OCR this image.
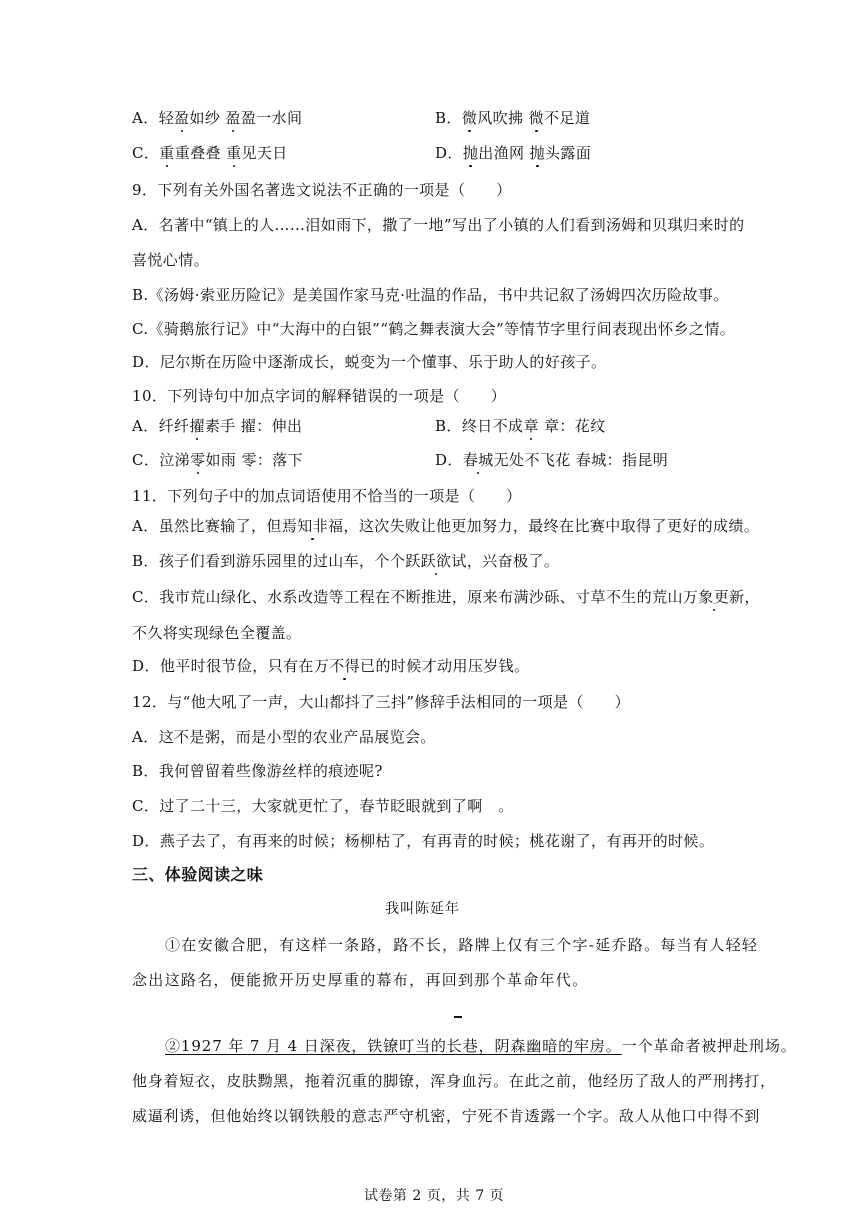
A．轻盈如纱 盈盈一水间	B．微风吹拂 微不足道
C．重重叠叠 重见天日	D．抛出渔网 抛头露面
9．下列有关外国名著选文说法不正确的一项是（　　）
A．名著中“镇上的人……泪如雨下，撒了一地”写出了小镇的人们看到汤姆和贝琪归来时的
喜悦心情。
B.《汤姆·索亚历险记》是美国作家马克·吐温的作品，书中共记叙了汤姆四次历险故事。
C.《骑鹅旅行记》中“大海中的白银”“鹤之舞表演大会”等情节字里行间表现出怀乡之情。
D．尼尔斯在历险中逐渐成长，蜕变为一个懂事、乐于助人的好孩子。
10．下列诗句中加点字词的解释错误的一项是（　　）
A．纤纤擢素手 擢：伸出	B．终日不成章 章：花纹
C．泣涕零如雨 零：落下	D．春城无处不飞花 春城：指昆明
11．下列句子中的加点词语使用不恰当的一项是（　　）
A．虽然比赛输了，但焉知非福，这次失败让他更加努力，最终在比赛中取得了更好的成绩。
B．孩子们看到游乐园里的过山车，个个跃跃欲试，兴奋极了。
C．我市荒山绿化、水系改造等工程在不断推进，原来布满沙砾、寸草不生的荒山万象更新，
不久将实现绿色全覆盖。
D．他平时很节俭，只有在万不得已的时候才动用压岁钱。
12．与“他大吼了一声，大山都抖了三抖”修辞手法相同的一项是（　　）
A．这不是粥，而是小型的农业产品展览会。
B．我何曾留着些像游丝样的痕迹呢?
C．过了二十三，大家就更忙了，春节眨眼就到了啊　。
D．燕子去了，有再来的时候；杨柳枯了，有再青的时候；桃花谢了，有再开的时候。
三、体验阅读之味
我叫陈延年
①在安徽合肥，有这样一条路，路不长，路牌上仅有三个字-延乔路。每当有人轻轻
念出这路名，便能掀开历史厚重的幕布，再回到那个革命年代。
②1927 年 7 月 4 日深夜，铁镣叮当的长巷，阴森幽暗的牢房。一个革命者被押赴刑场。
他身着短衣，皮肤黝黑，拖着沉重的脚镣，浑身血污。在此之前，他经历了敌人的严刑拷打，
威逼利诱，但他始终以钢铁般的意志严守机密，宁死不肯透露一个字。敌人从他口中得不到
试卷第 2 页，共 7 页
